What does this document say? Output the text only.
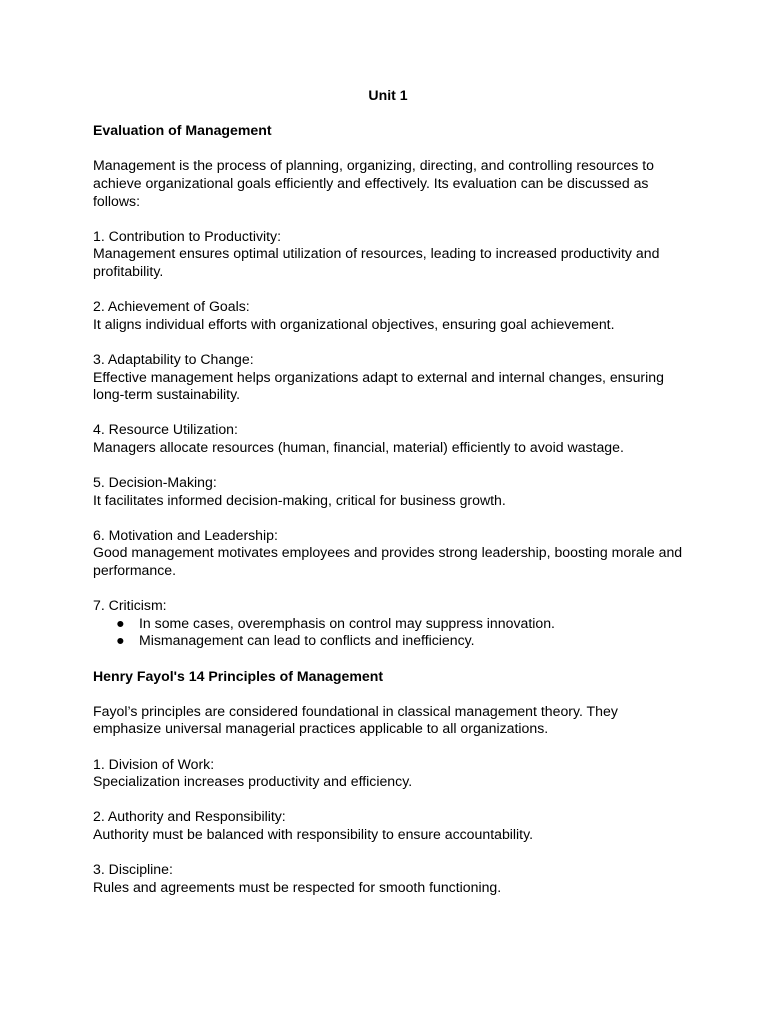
Unit 1

Evaluation of Management

Management is the process of planning, organizing, directing, and controlling resources to achieve organizational goals efficiently and effectively. Its evaluation can be discussed as follows:

1. Contribution to Productivity:

Management ensures optimal utilization of resources, leading to increased productivity and profitability.

2. Achievement of Goals:

It aligns individual efforts with organizational objectives, ensuring goal achievement.

3. Adaptability to Change:

Effective management helps organizations adapt to external and internal changes, ensuring long-term sustainability.

4. Resource Utilization:

Managers allocate resources (human, financial, material) efficiently to avoid wastage.

5. Decision-Making:

It facilitates informed decision-making, critical for business growth.

6. Motivation and Leadership:

Good management motivates employees and provides strong leadership, boosting morale and performance.

7. Criticism:

● In some cases, overemphasis on control may suppress innovation.
● Mismanagement can lead to conflicts and inefficiency.

Henry Fayol's 14 Principles of Management

Fayol’s principles are considered foundational in classical management theory. They emphasize universal managerial practices applicable to all organizations.

1. Division of Work:

Specialization increases productivity and efficiency.

2. Authority and Responsibility:

Authority must be balanced with responsibility to ensure accountability.

3. Discipline:

Rules and agreements must be respected for smooth functioning.
